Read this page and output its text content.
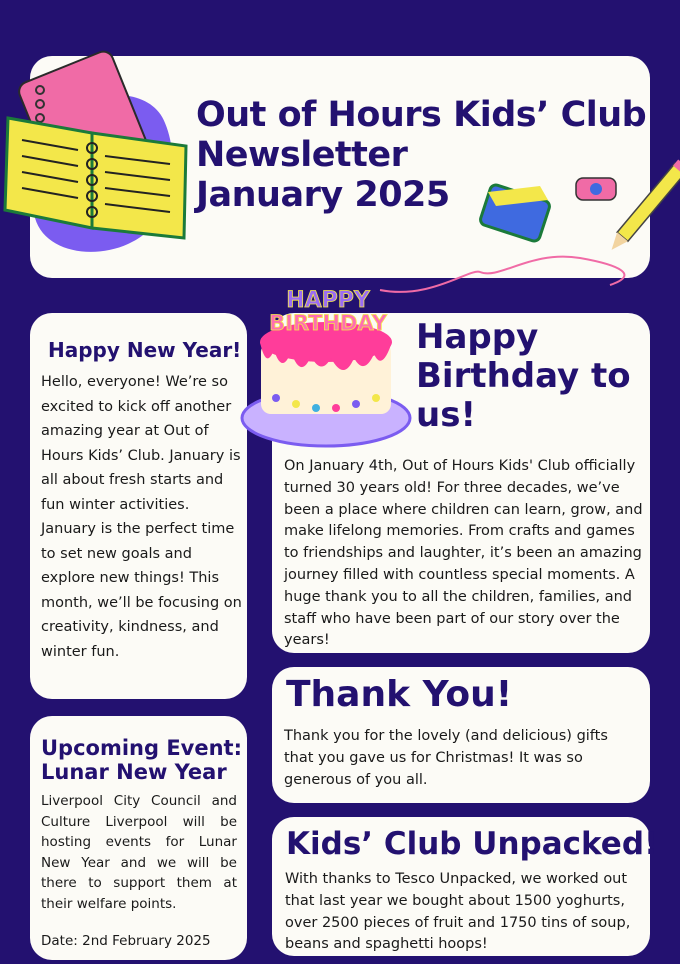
Out of Hours Kids’ Club
Newsletter
January 2025
Happy New Year!

Hello, everyone! We’re so excited to kick off another amazing year at Out of Hours Kids’ Club. January is all about fresh starts and fun winter activities. January is the perfect time to set new goals and explore new things! This month, we’ll be focusing on creativity, kindness, and winter fun.

HAPPY
BIRTHDAY Happy Birthday to us!

On January 4th, Out of Hours Kids' Club officially turned 30 years old! For three decades, we’ve been a place where children can learn, grow, and make lifelong memories. From crafts and games to friendships and laughter, it’s been an amazing journey filled with countless special moments. A huge thank you to all the children, families, and staff who have been part of our story over the years!

Upcoming Event: Lunar New Year

Liverpool City Council and Culture Liverpool will be hosting events for Lunar New Year and we will be there to support them at their welfare points.

Date: 2nd February 2025

Thank You!

Thank you for the lovely (and delicious) gifts that you gave us for Christmas! It was so generous of you all.

Kids’ Club Unpacked!

With thanks to Tesco Unpacked, we worked out that last year we bought about 1500 yoghurts, over 2500 pieces of fruit and 1750 tins of soup, beans and spaghetti hoops!
